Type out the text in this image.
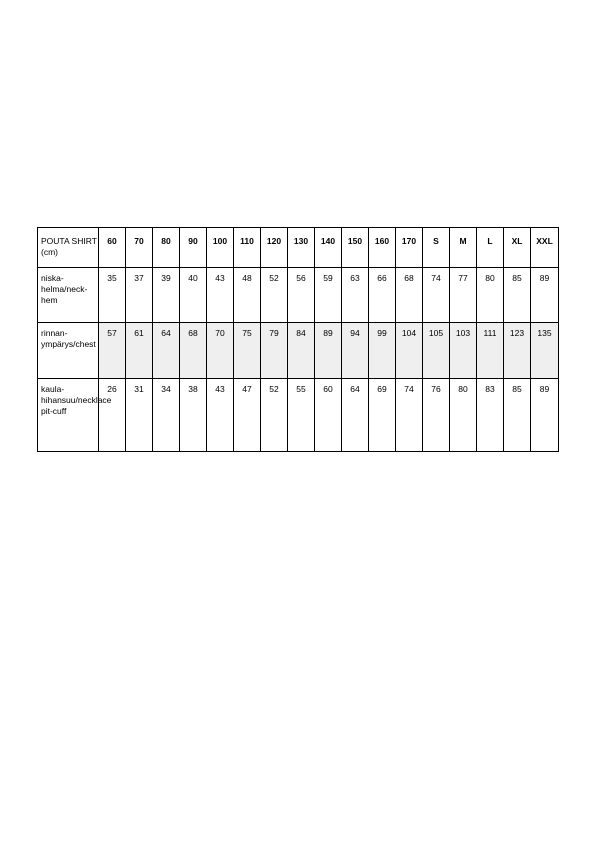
POUTA SHIRT (cm)	60	70	80	90	100	110	120	130	140	150	160	170	S	M	L	XL	XXL
niska-helma/neck-hem	35	37	39	40	43	48	52	56	59	63	66	68	74	77	80	85	89
rinnan-ympärys/chest	57	61	64	68	70	75	79	84	89	94	99	104	105	103	111	123	135
kaula-hihansuu/necklace pit-cuff	26	31	34	38	43	47	52	55	60	64	69	74	76	80	83	85	89
